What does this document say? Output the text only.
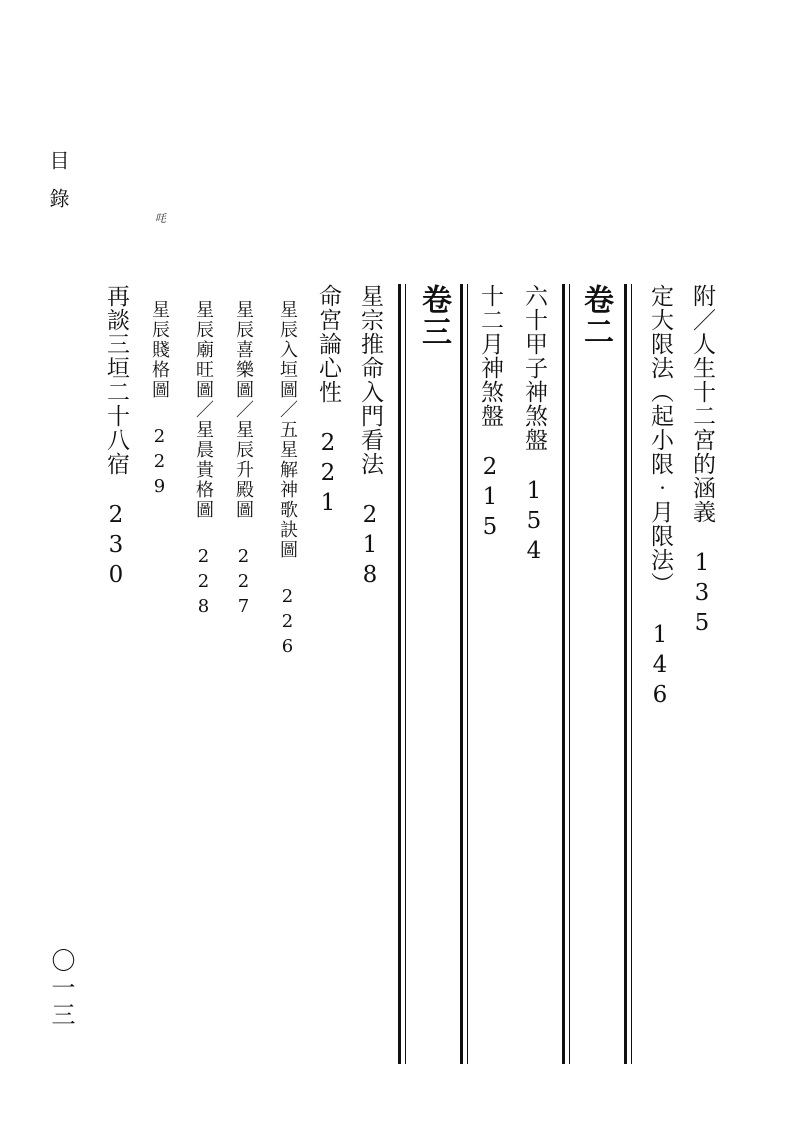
目錄	㕰
附／人生十二宮的涵義135
定大限法（起小限‧月限法）146
卷二
六十甲子神煞盤154
十二月神煞盤215
卷三
星宗推命入門看法218
命宮論心性221
星辰入垣圖／五星解神歌訣圖226
星辰喜樂圖／星辰升殿圖227
星辰廟旺圖／星晨貴格圖228
星辰賤格圖229
再談三垣二十八宿230
〇一三
